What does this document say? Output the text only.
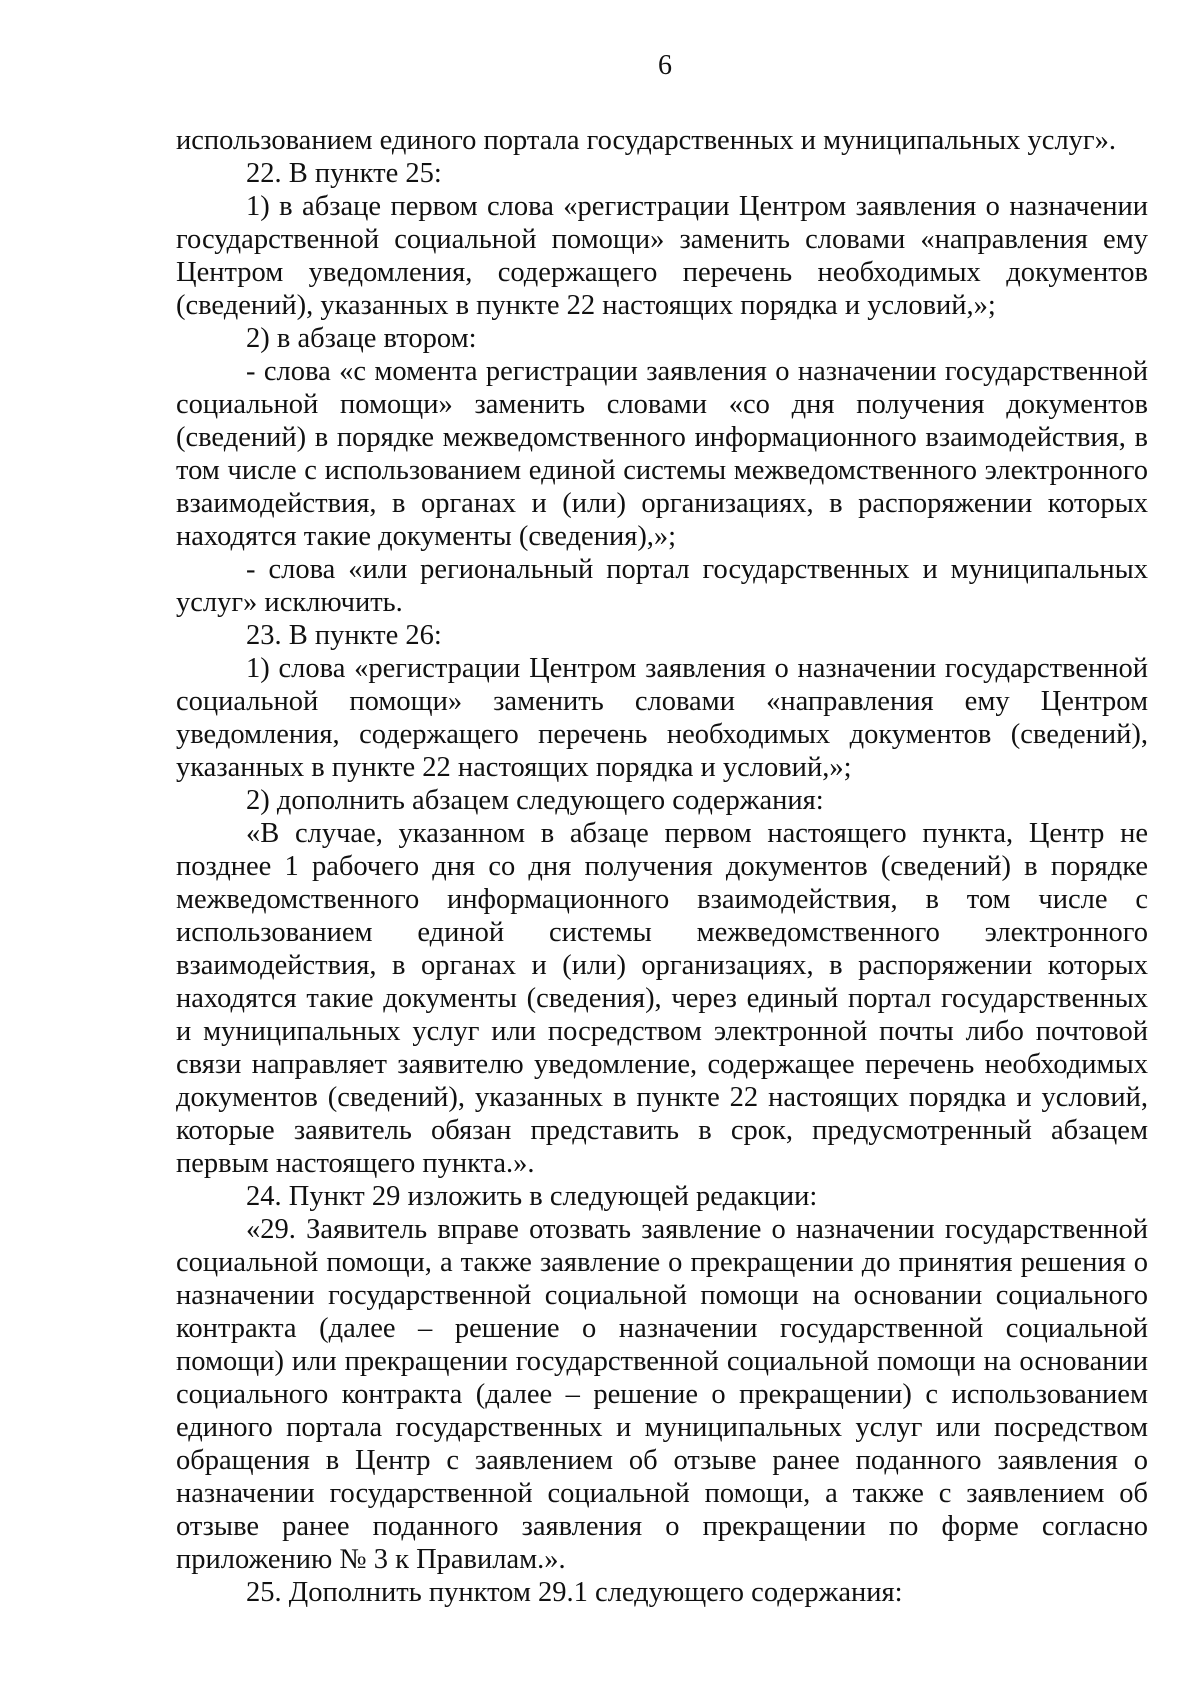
6

использованием единого портала государственных и муниципальных услуг».

22. В пункте 25:

1) в абзаце первом слова «регистрации Центром заявления о назначении государственной социальной помощи» заменить словами «направления ему Центром уведомления, содержащего перечень необходимых документов (сведений), указанных в пункте 22 настоящих порядка и условий,»;

2) в абзаце втором:

- слова «с момента регистрации заявления о назначении государственной социальной помощи» заменить словами «со дня получения документов (сведений) в порядке межведомственного информационного взаимодействия, в том числе с использованием единой системы межведомственного электронного взаимодействия, в органах и (или) организациях, в распоряжении которых находятся такие документы (сведения),»;

- слова «или региональный портал государственных и муниципальных услуг» исключить.

23. В пункте 26:

1) слова «регистрации Центром заявления о назначении государственной социальной помощи» заменить словами «направления ему Центром уведомления, содержащего перечень необходимых документов (сведений), указанных в пункте 22 настоящих порядка и условий,»;

2) дополнить абзацем следующего содержания:

«В случае, указанном в абзаце первом настоящего пункта, Центр не позднее 1 рабочего дня со дня получения документов (сведений) в порядке межведомственного информационного взаимодействия, в том числе с использованием единой системы межведомственного электронного взаимодействия, в органах и (или) организациях, в распоряжении которых находятся такие документы (сведения), через единый портал государственных и муниципальных услуг или посредством электронной почты либо почтовой связи направляет заявителю уведомление, содержащее перечень необходимых документов (сведений), указанных в пункте 22 настоящих порядка и условий, которые заявитель обязан представить в срок, предусмотренный абзацем первым настоящего пункта.».

24. Пункт 29 изложить в следующей редакции:

«29. Заявитель вправе отозвать заявление о назначении государственной социальной помощи, а также заявление о прекращении до принятия решения о назначении государственной социальной помощи на основании социального контракта (далее – решение о назначении государственной социальной помощи) или прекращении государственной социальной помощи на основании социального контракта (далее – решение о прекращении) с использованием единого портала государственных и муниципальных услуг или посредством обращения в Центр с заявлением об отзыве ранее поданного заявления о назначении государственной социальной помощи, а также с заявлением об отзыве ранее поданного заявления о прекращении по форме согласно приложению № 3 к Правилам.».

25. Дополнить пунктом 29.1 следующего содержания:
